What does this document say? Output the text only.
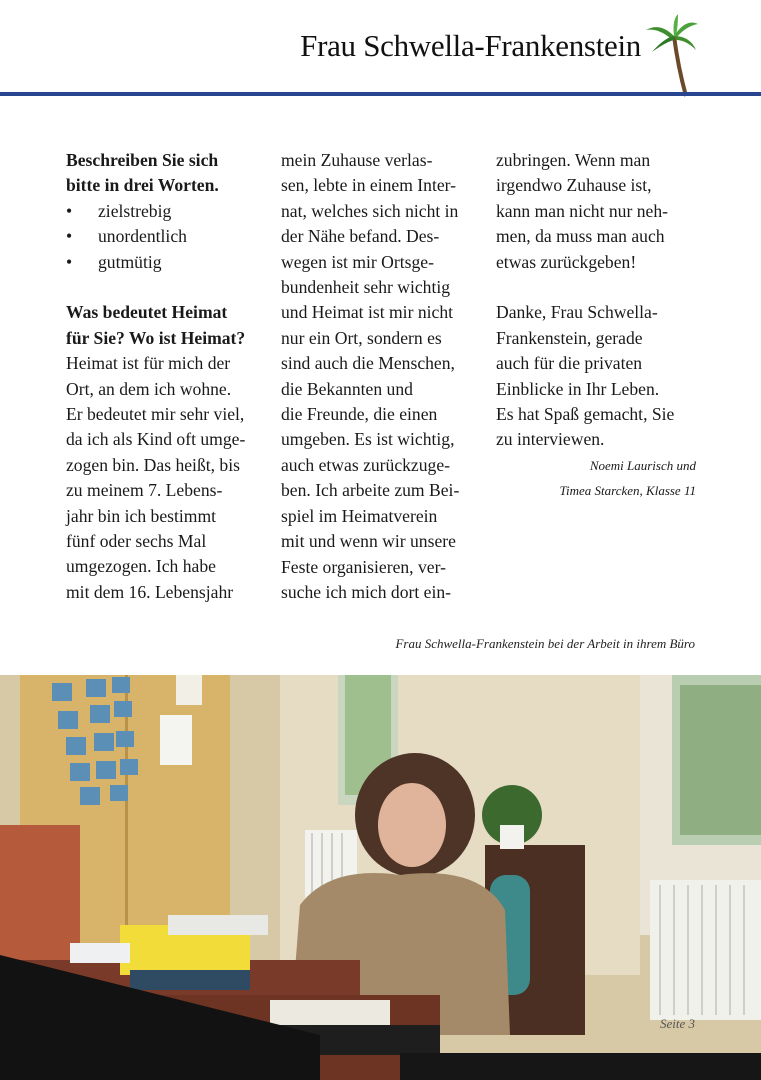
Frau Schwella-Frankenstein

Beschreiben Sie sich
bitte in drei Worten.

• zielstrebig
• unordentlich
• gutmütig

Was bedeutet Heimat
für Sie? Wo ist Heimat?

Heimat ist für mich der
Ort, an dem ich wohne.
Er bedeutet mir sehr viel,
da ich als Kind oft umge-
zogen bin. Das heißt, bis
zu meinem 7. Lebens-
jahr bin ich bestimmt
fünf oder sechs Mal
umgezogen. Ich habe
mit dem 16. Lebensjahr

mein Zuhause verlas-
sen, lebte in einem Inter-
nat, welches sich nicht in
der Nähe befand. Des-
wegen ist mir Ortsge-
bundenheit sehr wichtig
und Heimat ist mir nicht
nur ein Ort, sondern es
sind auch die Menschen,
die Bekannten und
die Freunde, die einen
umgeben. Es ist wichtig,
auch etwas zurückzuge-
ben. Ich arbeite zum Bei-
spiel im Heimatverein
mit und wenn wir unsere
Feste organisieren, ver-
suche ich mich dort ein-

zubringen. Wenn man
irgendwo Zuhause ist,
kann man nicht nur neh-
men, da muss man auch
etwas zurückgeben!

Danke, Frau Schwella-
Frankenstein, gerade
auch für die privaten
Einblicke in Ihr Leben.
Es hat Spaß gemacht, Sie
zu interviewen.

Noemi Laurisch und
Timea Starcken, Klasse 11

Frau Schwella-Frankenstein bei der Arbeit in ihrem Büro
Seite 3
